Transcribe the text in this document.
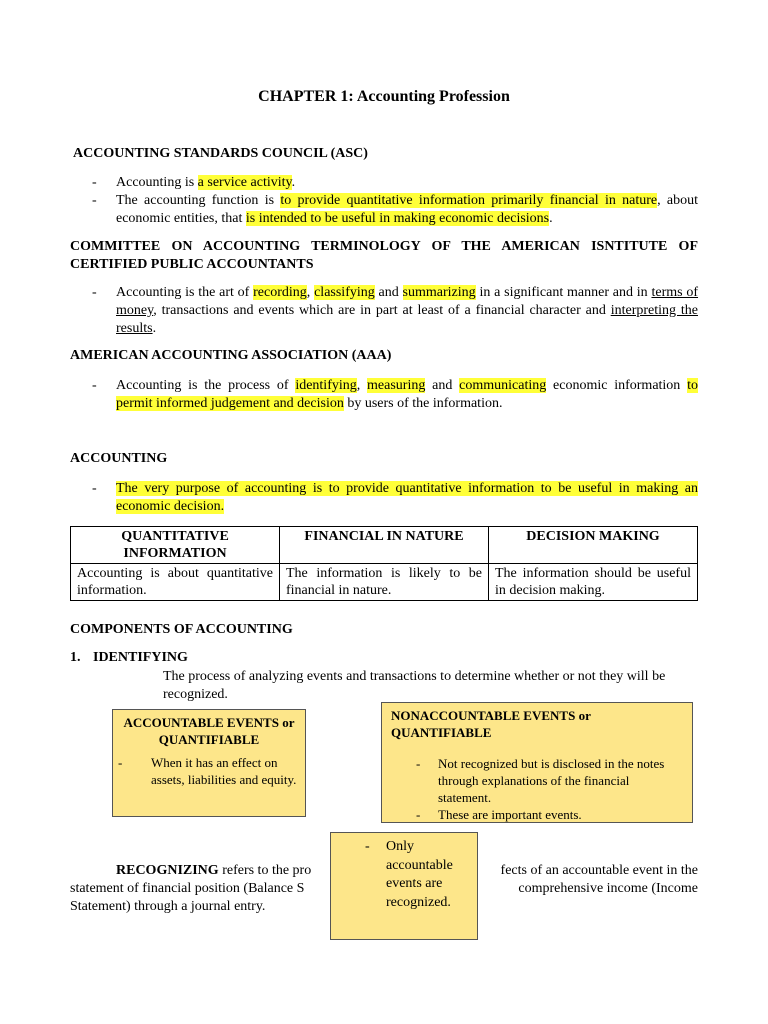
CHAPTER 1: Accounting Profession
ACCOUNTING STANDARDS COUNCIL (ASC)
- Accounting is a service activity.
- The accounting function is to provide quantitative information primarily financial in nature, about economic entities, that is intended to be useful in making economic decisions.
COMMITTEE ON ACCOUNTING TERMINOLOGY OF THE AMERICAN ISNTITUTE OF CERTIFIED PUBLIC ACCOUNTANTS
- Accounting is the art of recording, classifying and summarizing in a significant manner and in terms of money, transactions and events which are in part at least of a financial character and interpreting the results.
AMERICAN ACCOUNTING ASSOCIATION (AAA)
- Accounting is the process of identifying, measuring and communicating economic information to permit informed judgement and decision by users of the information.
ACCOUNTING
- The very purpose of accounting is to provide quantitative information to be useful in making an economic decision.
QUANTITATIVE INFORMATION	FINANCIAL IN NATURE	DECISION MAKING
Accounting is about quantitative information.	The information is likely to be financial in nature.	The information should be useful in decision making.
COMPONENTS OF ACCOUNTING
1. IDENTIFYING
The process of analyzing events and transactions to determine whether or not they will be recognized.
ACCOUNTABLE EVENTS or QUANTIFIABLE
- When it has an effect on assets, liabilities and equity.
NONACCOUNTABLE EVENTS or QUANTIFIABLE
- Not recognized but is disclosed in the notes through explanations of the financial statement.
- These are important events.
RECOGNIZING refers to the pro	fects of an accountable event in the
statement of financial position (Balance S	comprehensive income (Income
Statement) through a journal entry.
- Only accountable events are recognized.
